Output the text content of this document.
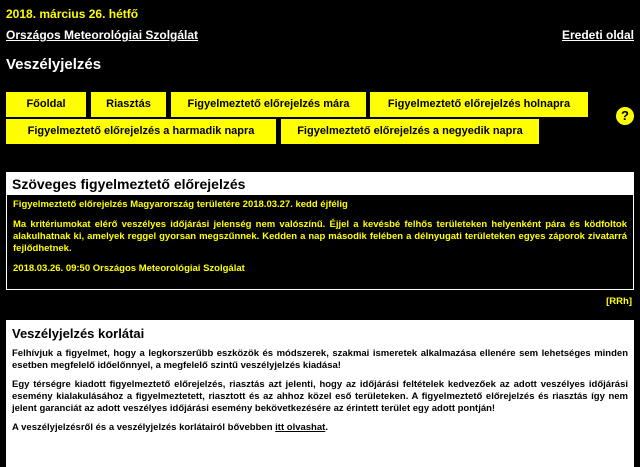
2018. március 26. hétfő
Országos Meteorológiai Szolgálat	Eredeti oldal
Veszélyjelzés
Főoldal	Riasztás	Figyelmeztető előrejelzés mára	Figyelmeztető előrejelzés holnapra
Figyelmeztető előrejelzés a harmadik napra	Figyelmeztető előrejelzés a negyedik napra
?
Szöveges figyelmeztető előrejelzés

Figyelmeztető előrejelzés Magyarország területére 2018.03.27. kedd éjfélig

Ma kritériumokat elérő veszélyes időjárási jelenség nem valószínű. Éjjel a kevésbé felhős területeken helyenként pára és ködfoltok alakulhatnak ki, amelyek reggel gyorsan megszűnnek. Kedden a nap második felében a délnyugati területeken egyes záporok zivatarrá fejlődhetnek.

2018.03.26. 09:50 Országos Meteorológiai Szolgálat

[RRh]
Veszélyjelzés korlátai

Felhívjuk a figyelmet, hogy a legkorszerűbb eszközök és módszerek, szakmai ismeretek alkalmazása ellenére sem lehetséges minden esetben megfelelő időelőnnyel, a megfelelő szintű veszélyjelzés kiadása!

Egy térségre kiadott figyelmeztető előrejelzés, riasztás azt jelenti, hogy az időjárási feltételek kedvezőek az adott veszélyes időjárási esemény kialakulásához a figyelmeztetett, riasztott és az ahhoz közel eső területeken. A figyelmeztető előrejelzés és riasztás így nem jelent garanciát az adott veszélyes időjárási esemény bekövetkezésére az érintett terület egy adott pontján!

A veszélyjelzésről és a veszélyjelzés korlátairól bővebben itt olvashat.
